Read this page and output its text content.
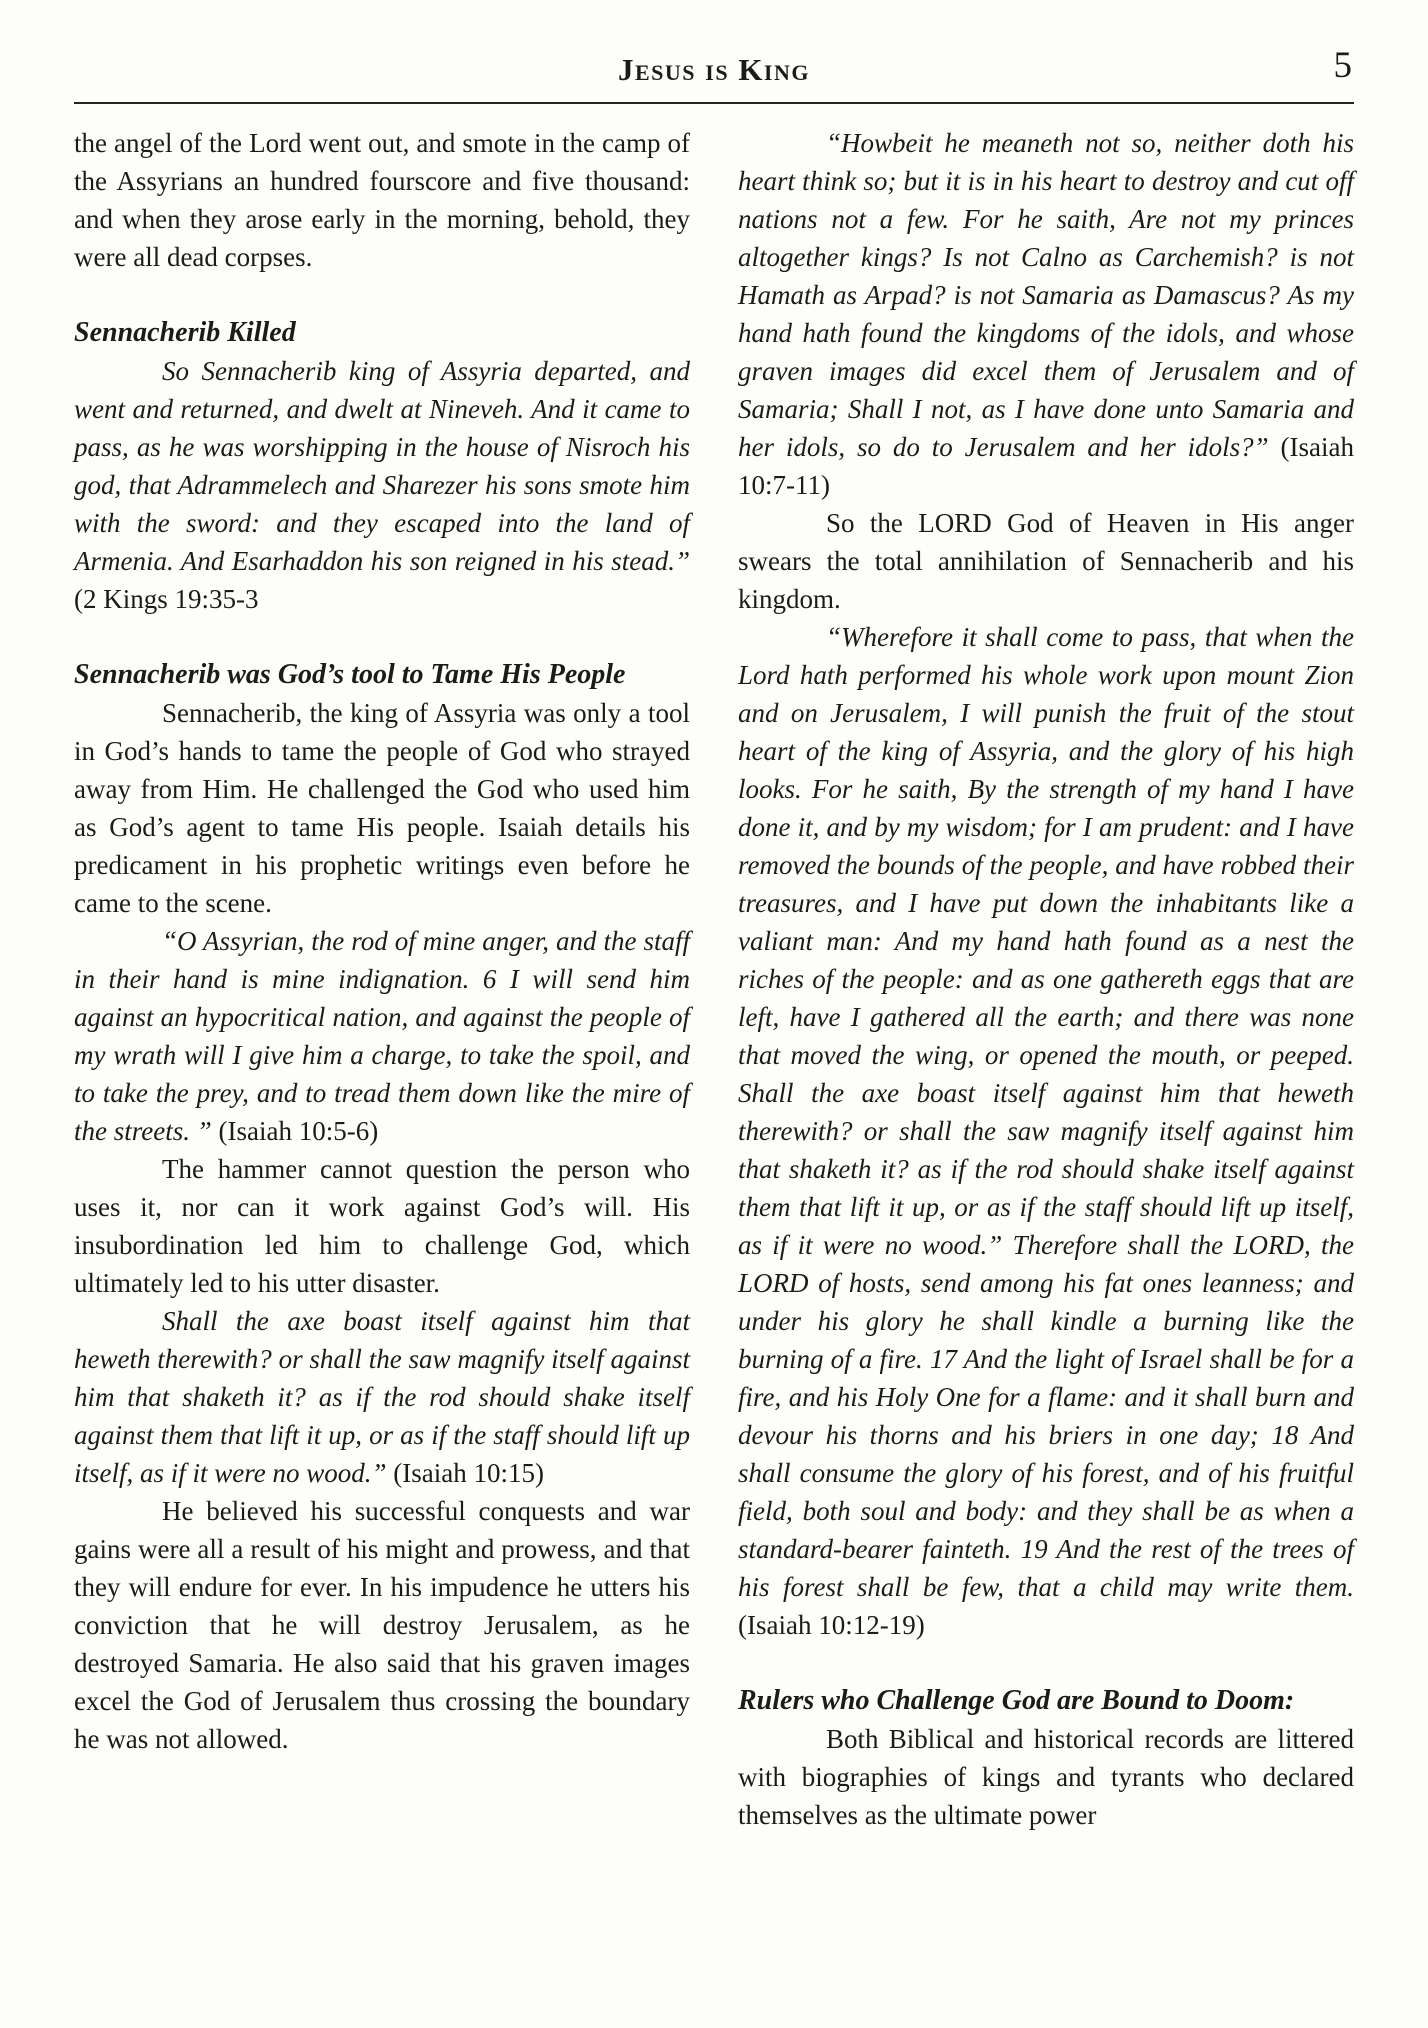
Jesus is King	5

the angel of the Lord went out, and smote in the camp of the Assyrians an hundred fourscore and five thousand: and when they arose early in the morning, behold, they were all dead corpses.

Sennacherib Killed

So Sennacherib king of Assyria departed, and went and returned, and dwelt at Nineveh. And it came to pass, as he was worshipping in the house of Nisroch his god, that Adrammelech and Sharezer his sons smote him with the sword: and they escaped into the land of Armenia. And Esarhaddon his son reigned in his stead.” (2 Kings 19:35-3

Sennacherib was God’s tool to Tame His People

Sennacherib, the king of Assyria was only a tool in God’s hands to tame the people of God who strayed away from Him. He challenged the God who used him as God’s agent to tame His people. Isaiah details his predicament in his prophetic writings even before he came to the scene.

“O Assyrian, the rod of mine anger, and the staff in their hand is mine indignation. 6 I will send him against an hypocritical nation, and against the people of my wrath will I give him a charge, to take the spoil, and to take the prey, and to tread them down like the mire of the streets. ” (Isaiah 10:5-6)

The hammer cannot question the person who uses it, nor can it work against God’s will. His insubordination led him to challenge God, which ultimately led to his utter disaster.

Shall the axe boast itself against him that heweth therewith? or shall the saw magnify itself against him that shaketh it? as if the rod should shake itself against them that lift it up, or as if the staff should lift up itself, as if it were no wood.” (Isaiah 10:15)

He believed his successful conquests and war gains were all a result of his might and prowess, and that they will endure for ever. In his impudence he utters his conviction that he will destroy Jerusalem, as he destroyed Samaria. He also said that his graven images excel the God of Jerusalem thus crossing the boundary he was not allowed.

“Howbeit he meaneth not so, neither doth his heart think so; but it is in his heart to destroy and cut off nations not a few. For he saith, Are not my princes altogether kings? Is not Calno as Carchemish? is not Hamath as Arpad? is not Samaria as Damascus? As my hand hath found the kingdoms of the idols, and whose graven images did excel them of Jerusalem and of Samaria; Shall I not, as I have done unto Samaria and her idols, so do to Jerusalem and her idols?” (Isaiah 10:7-11)

So the LORD God of Heaven in His anger swears the total annihilation of Sennacherib and his kingdom.

“Wherefore it shall come to pass, that when the Lord hath performed his whole work upon mount Zion and on Jerusalem, I will punish the fruit of the stout heart of the king of Assyria, and the glory of his high looks. For he saith, By the strength of my hand I have done it, and by my wisdom; for I am prudent: and I have removed the bounds of the people, and have robbed their treasures, and I have put down the inhabitants like a valiant man: And my hand hath found as a nest the riches of the people: and as one gathereth eggs that are left, have I gathered all the earth; and there was none that moved the wing, or opened the mouth, or peeped. Shall the axe boast itself against him that heweth therewith? or shall the saw magnify itself against him that shaketh it? as if the rod should shake itself against them that lift it up, or as if the staff should lift up itself, as if it were no wood.” Therefore shall the LORD, the LORD of hosts, send among his fat ones leanness; and under his glory he shall kindle a burning like the burning of a fire. 17 And the light of Israel shall be for a fire, and his Holy One for a flame: and it shall burn and devour his thorns and his briers in one day; 18 And shall consume the glory of his forest, and of his fruitful field, both soul and body: and they shall be as when a standard-bearer fainteth. 19 And the rest of the trees of his forest shall be few, that a child may write them. (Isaiah 10:12-19)

Rulers who Challenge God are Bound to Doom:

Both Biblical and historical records are littered with biographies of kings and tyrants who declared themselves as the ultimate power
